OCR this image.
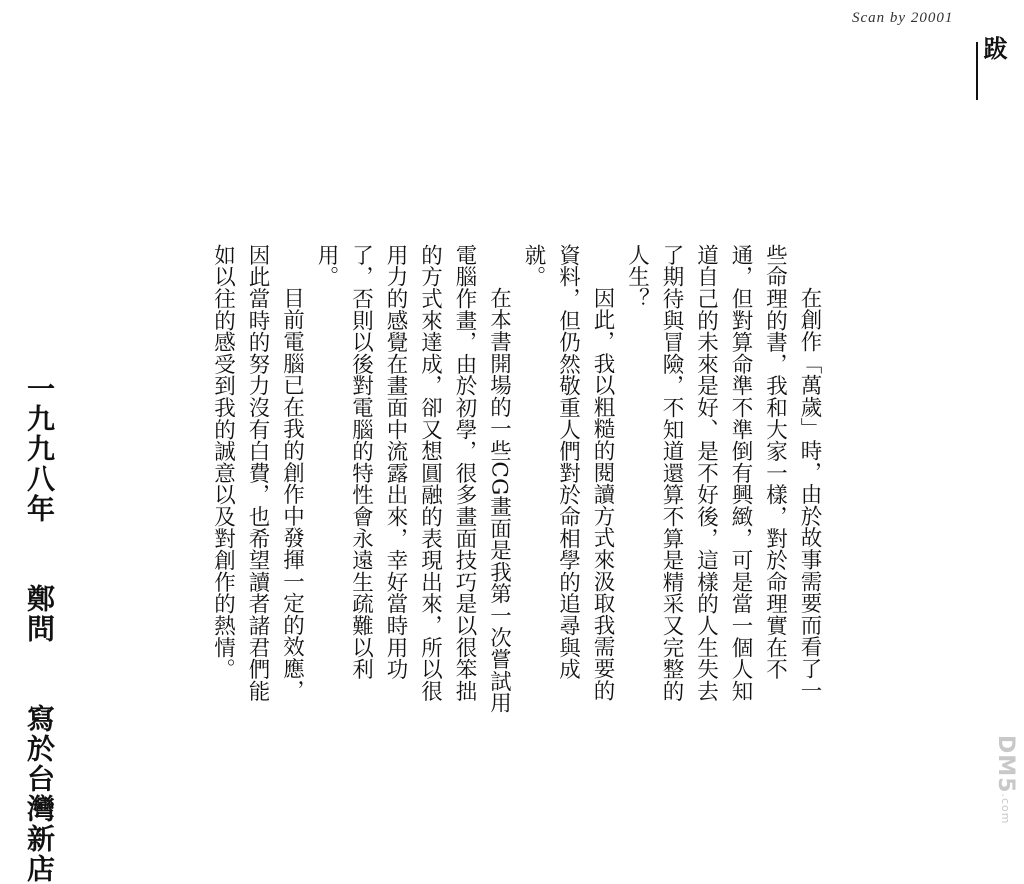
Scan by 20001
跋

在創作「萬歲」時，由於故事需要而看了一些命理的書，我和大家一樣，對於命理實在不通，但對算命準不準倒有興緻，可是當一個人知道自己的未來是好、是不好後，這樣的人生失去了期待與冒險，不知道還算不算是精采又完整的人生？

因此，我以粗糙的閱讀方式來汲取我需要的資料，但仍然敬重人們對於命相學的追尋與成就。

在本書開場的一些CG畫面是我第一次嘗試用電腦作畫，由於初學，很多畫面技巧是以很笨拙的方式來達成，卻又想圓融的表現出來，所以很用力的感覺在畫面中流露出來，幸好當時用功了，否則以後對電腦的特性會永遠生疏難以利用。

目前電腦已在我的創作中發揮一定的效應，因此當時的努力沒有白費，也希望讀者諸君們能如以往的感受到我的誠意以及對創作的熱情。

一九九八年　　鄭問　　寫於台灣新店	DM5.com
